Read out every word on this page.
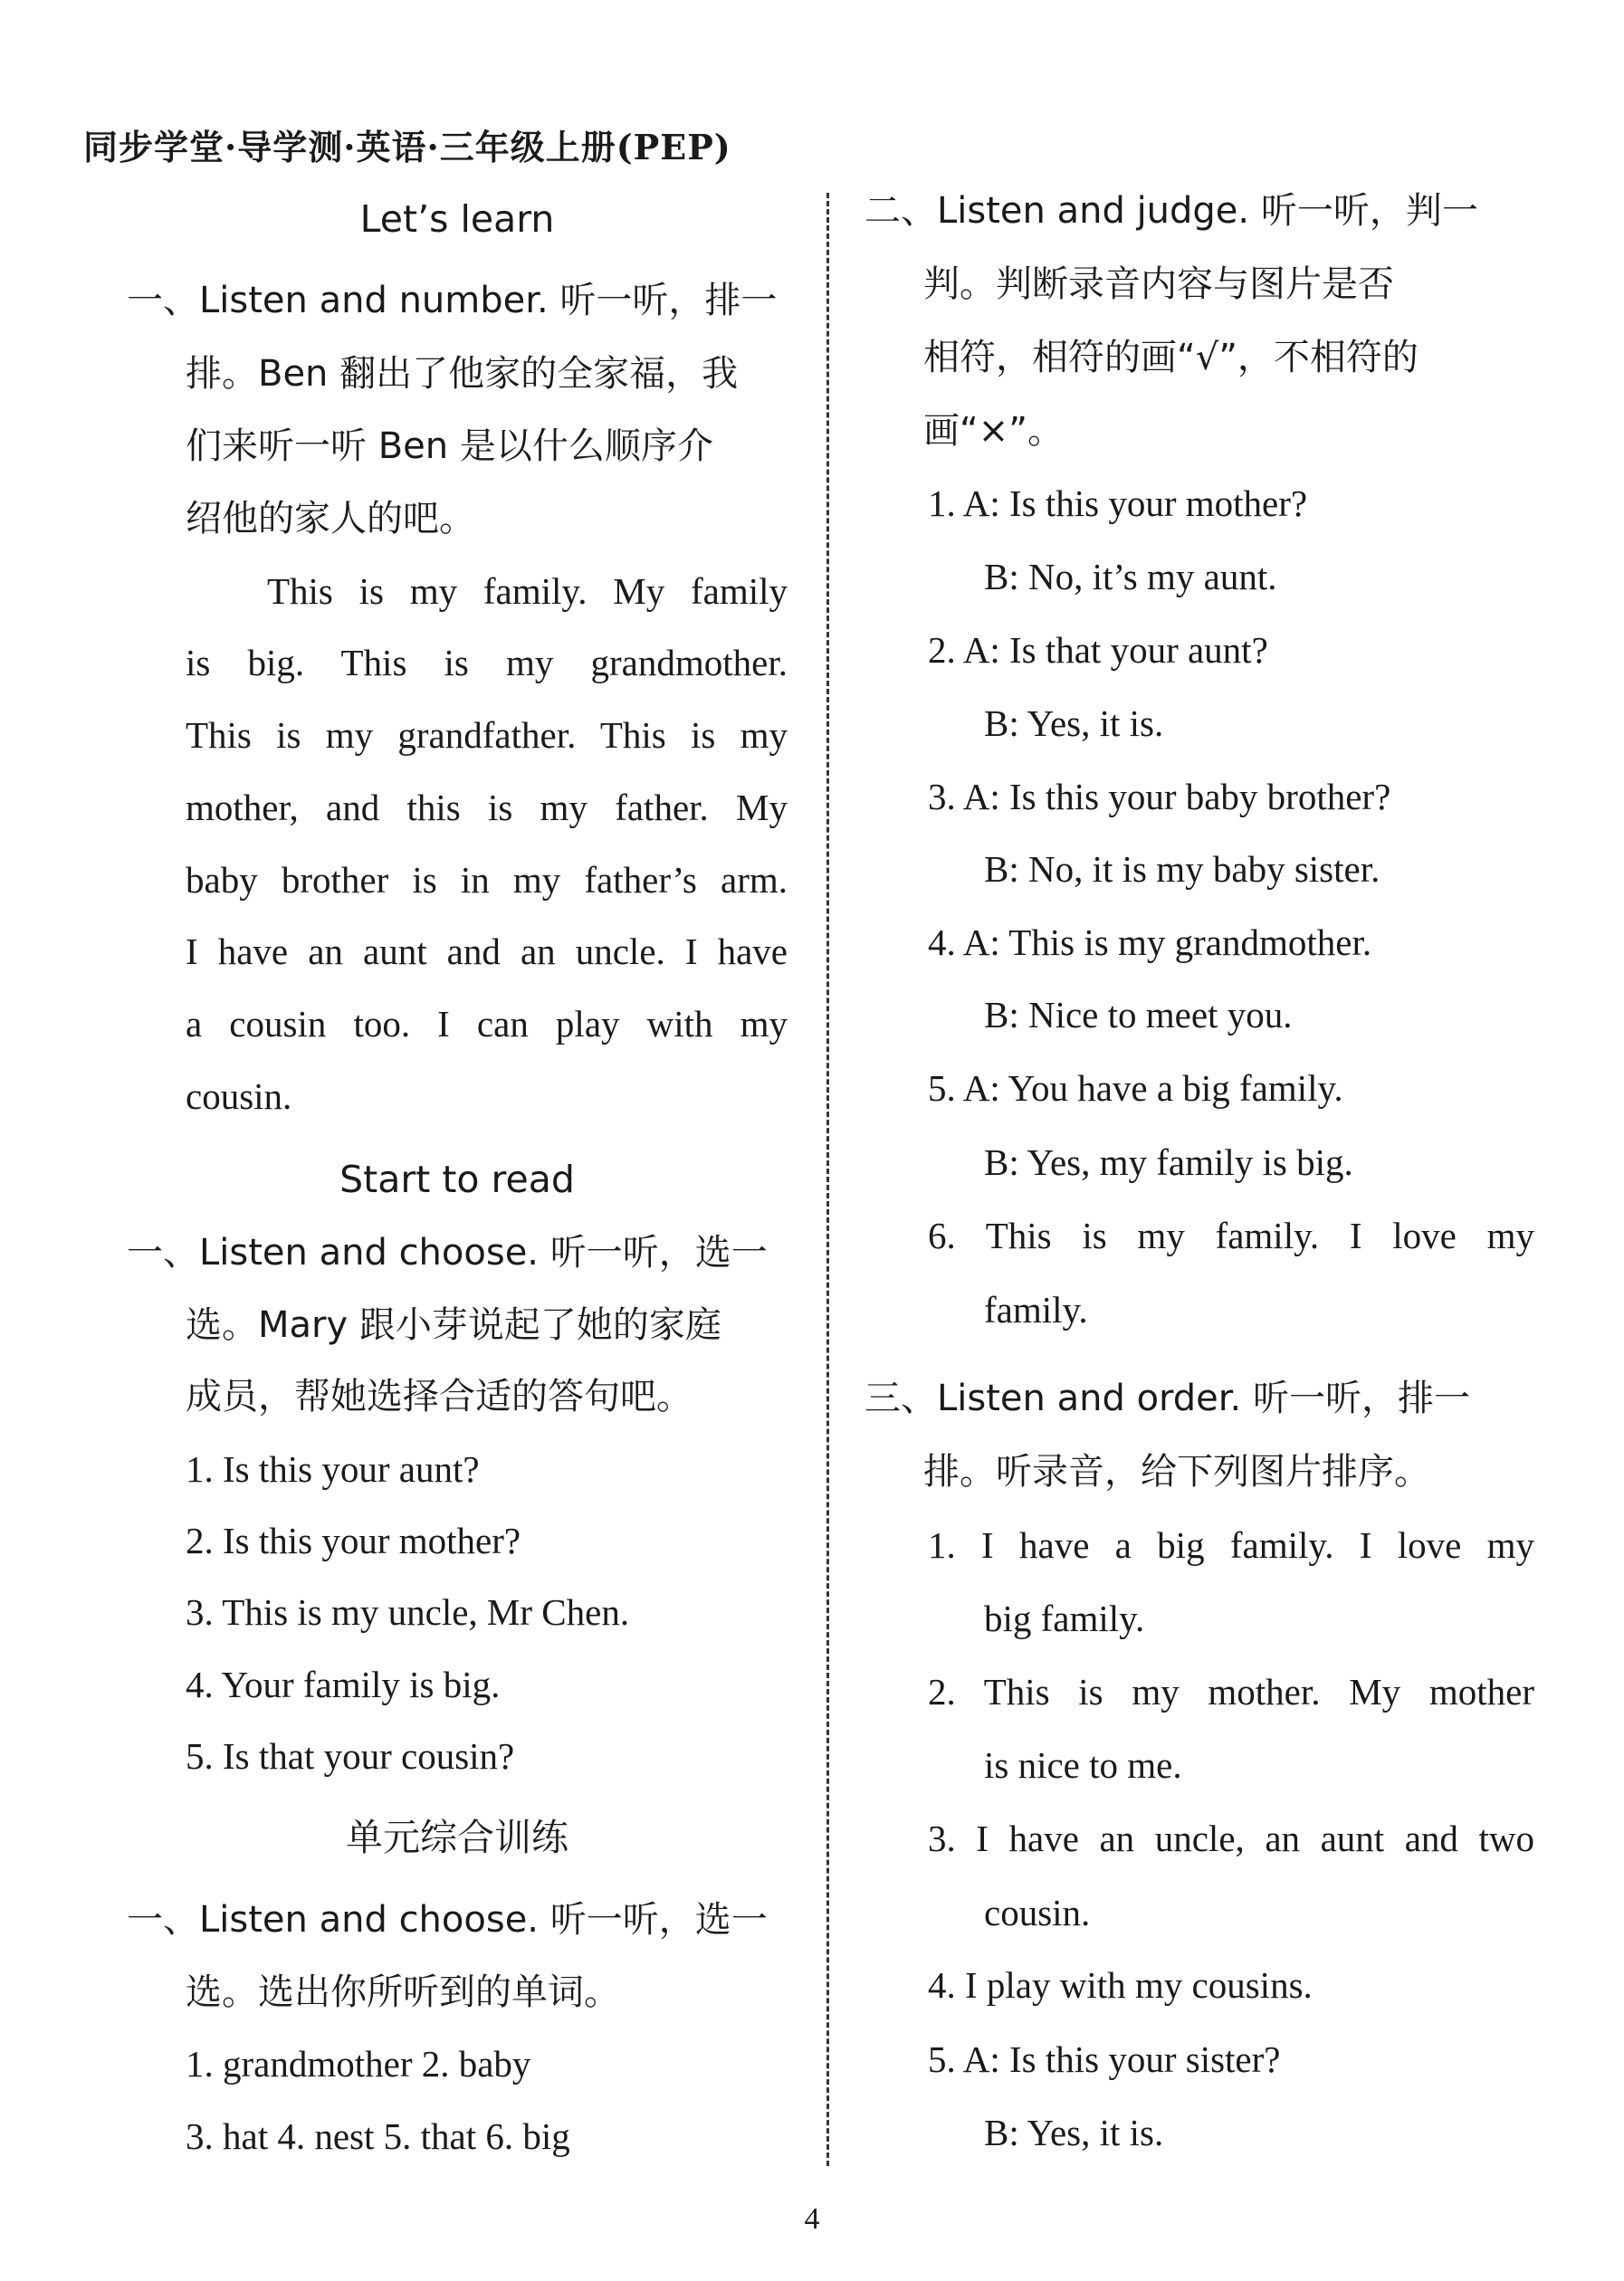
同步学堂·导学测·英语·三年级上册(PEP)
Let’s learn
一、Listen and number. 听一听，排一
排。Ben 翻出了他家的全家福，我
们来听一听 Ben 是以什么顺序介
绍他的家人的吧。
This is my family. My family
is big. This is my grandmother.
This is my grandfather. This is my
mother, and this is my father. My
baby brother is in my father’s arm.
I have an aunt and an uncle. I have
a cousin too. I can play with my
cousin.
Start to read
一、Listen and choose. 听一听，选一
选。Mary 跟小芽说起了她的家庭
成员，帮她选择合适的答句吧。
1. Is this your aunt?
2. Is this your mother?
3. This is my uncle, Mr Chen.
4. Your family is big.
5. Is that your cousin?
单元综合训练
一、Listen and choose. 听一听，选一
选。选出你所听到的单词。
1. grandmother 2. baby
3. hat 4. nest 5. that 6. big
二、Listen and judge. 听一听，判一
判。判断录音内容与图片是否
相符，相符的画“√”，不相符的
画“×”。
1. A: Is this your mother?
B: No, it’s my aunt.
2. A: Is that your aunt?
B: Yes, it is.
3. A: Is this your baby brother?
B: No, it is my baby sister.
4. A: This is my grandmother.
B: Nice to meet you.
5. A: You have a big family.
B: Yes, my family is big.
6. This is my family. I love my
family.
三、Listen and order. 听一听，排一
排。听录音，给下列图片排序。
1. I have a big family. I love my
big family.
2. This is my mother. My mother
is nice to me.
3. I have an uncle, an aunt and two
cousin.
4. I play with my cousins.
5. A: Is this your sister?
B: Yes, it is.
4
